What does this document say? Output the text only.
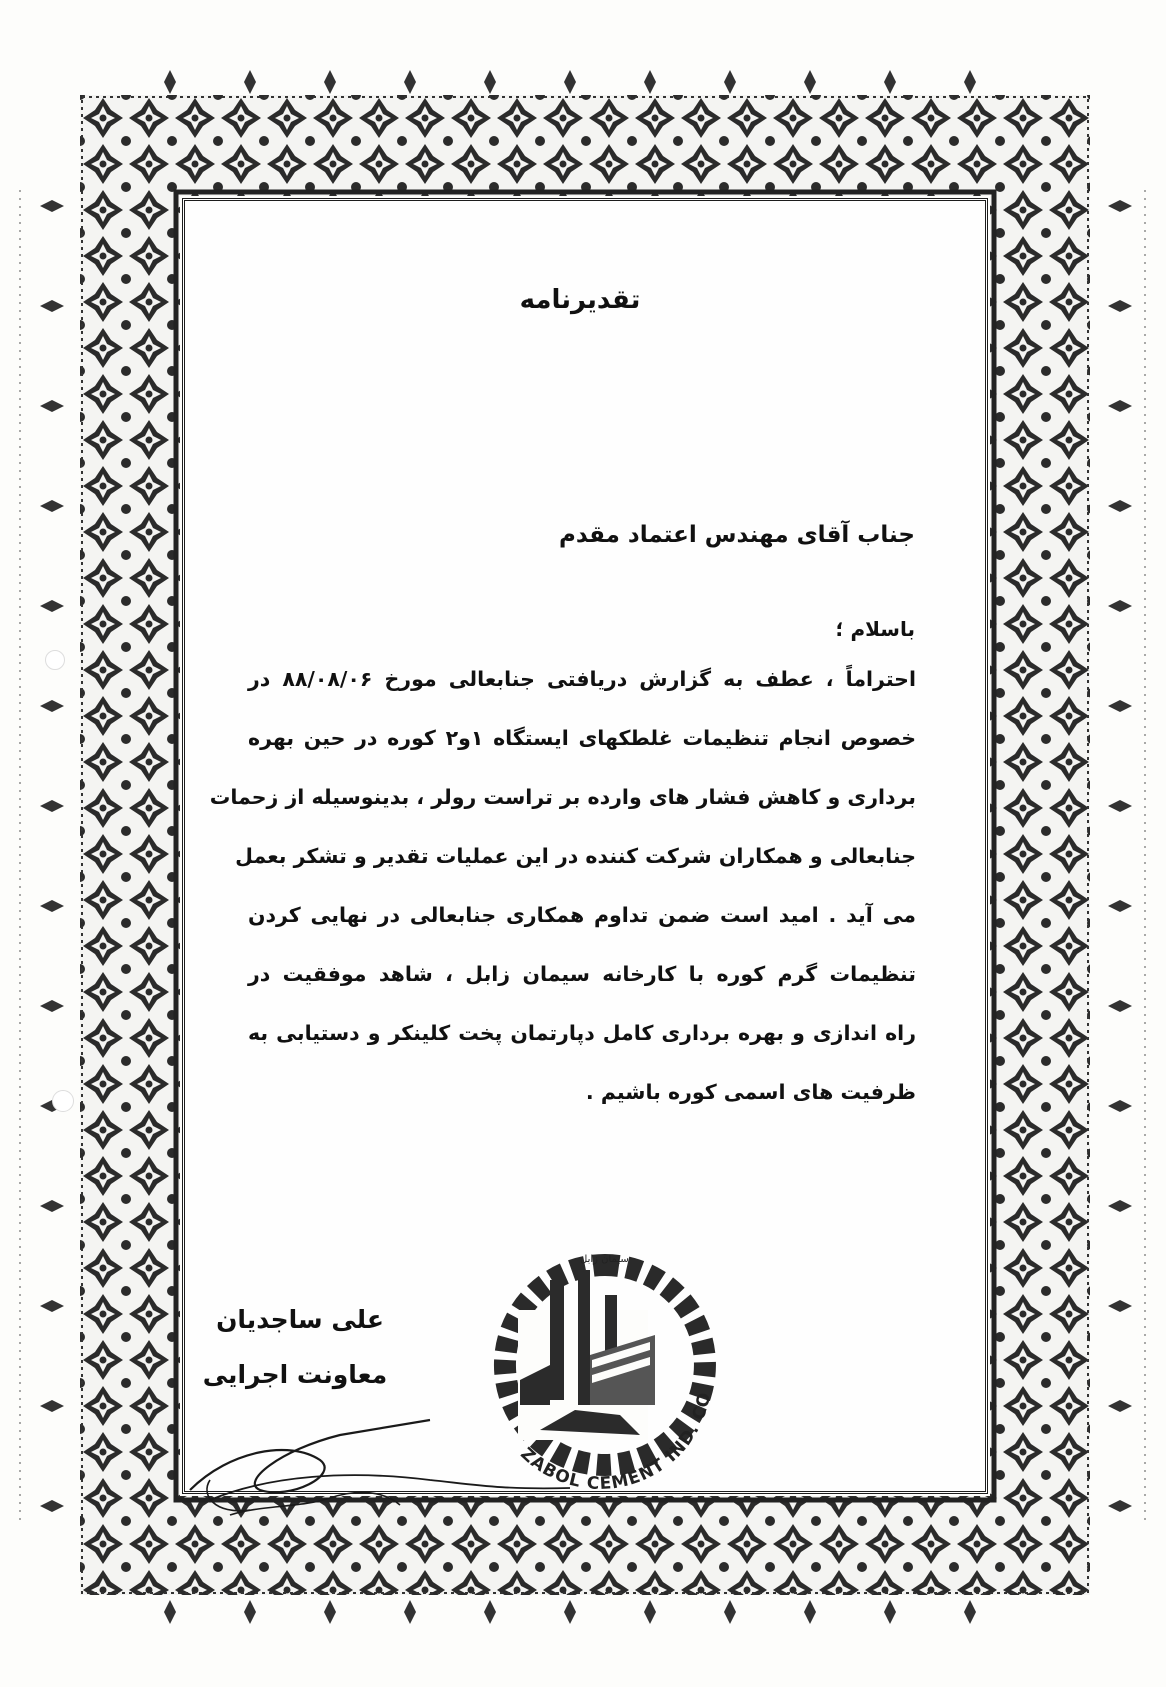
تقدیرنامه
جناب آقای مهندس اعتماد مقدم
باسلام ؛
احتراماً ، عطف به گزارش دریافتی جنابعالی مورخ ۸۸/۰۸/۰۶ در
خصوص انجام تنظیمات غلطکهای ایستگاه ۱و۲ کوره در حین بهره
برداری و کاهش فشار های وارده بر تراست رولر ، بدینوسیله از زحمات
جنابعالی و همکاران شرکت کننده در این عملیات تقدیر و تشکر بعمل
می آید . امید است ضمن تداوم همکاری جنابعالی در نهایی کردن
تنظیمات گرم کوره با کارخانه سیمان زابل ، شاهد موفقیت در
راه اندازی و بهره برداری کامل دپارتمان پخت کلینکر و دستیابی به
ظرفیت های اسمی کوره باشیم .
سیمان زابل
ZABOL CEMENT IND. CO
علی ساجدیان
معاونت اجرایی
